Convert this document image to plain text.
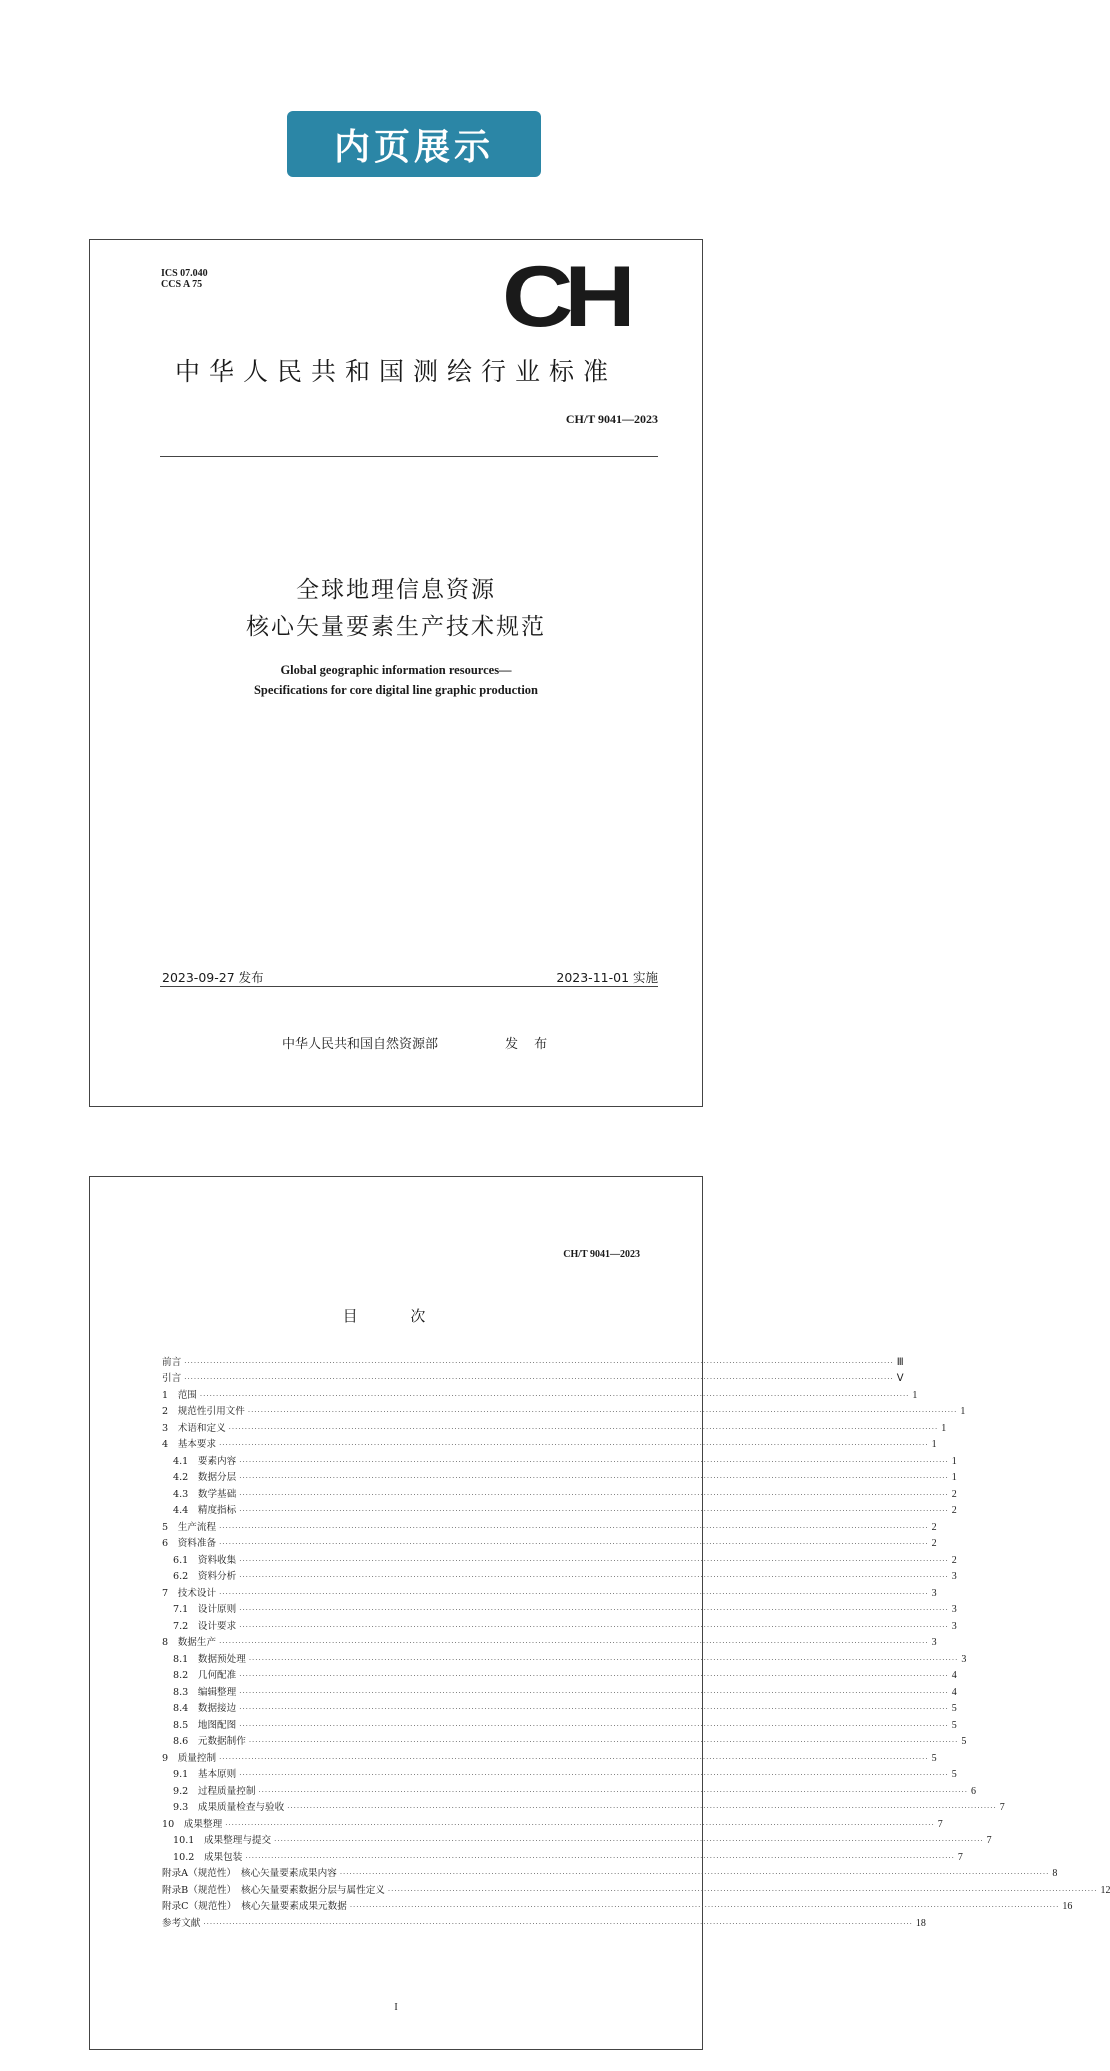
内页展示
ICS 07.040
CCS A 75	CH
中华人民共和国测绘行业标准
CH/T 9041—2023
全球地理信息资源
核心矢量要素生产技术规范
Global geographic information resources—
Specifications for core digital line graphic production
2023-09-27 发布	2023-11-01 实施
中华人民共和国自然资源部	发 布
CH/T 9041—2023
目 次
前言 ···························································································································································································································· Ⅲ
引言 ···························································································································································································································· Ⅴ
1　范围 ···························································································································································································································· 1
2　规范性引用文件 ···························································································································································································································· 1
3　术语和定义 ···························································································································································································································· 1
4　基本要求 ···························································································································································································································· 1
4.1　要素内容 ···························································································································································································································· 1
4.2　数据分层 ···························································································································································································································· 1
4.3　数学基础 ···························································································································································································································· 2
4.4　精度指标 ···························································································································································································································· 2
5　生产流程 ···························································································································································································································· 2
6　资料准备 ···························································································································································································································· 2
6.1　资料收集 ···························································································································································································································· 2
6.2　资料分析 ···························································································································································································································· 3
7　技术设计 ···························································································································································································································· 3
7.1　设计原则 ···························································································································································································································· 3
7.2　设计要求 ···························································································································································································································· 3
8　数据生产 ···························································································································································································································· 3
8.1　数据预处理 ···························································································································································································································· 3
8.2　几何配准 ···························································································································································································································· 4
8.3　编辑整理 ···························································································································································································································· 4
8.4　数据接边 ···························································································································································································································· 5
8.5　地图配图 ···························································································································································································································· 5
8.6　元数据制作 ···························································································································································································································· 5
9　质量控制 ···························································································································································································································· 5
9.1　基本原则 ···························································································································································································································· 5
9.2　过程质量控制 ···························································································································································································································· 6
9.3　成果质量检查与验收 ···························································································································································································································· 7
10　成果整理 ···························································································································································································································· 7
10.1　成果整理与提交 ···························································································································································································································· 7
10.2　成果包装 ···························································································································································································································· 7
附录A（规范性）　核心矢量要素成果内容 ···························································································································································································································· 8
附录B（规范性）　核心矢量要素数据分层与属性定义 ···························································································································································································································· 12
附录C（规范性）　核心矢量要素成果元数据 ···························································································································································································································· 16
参考文献 ···························································································································································································································· 18
I
